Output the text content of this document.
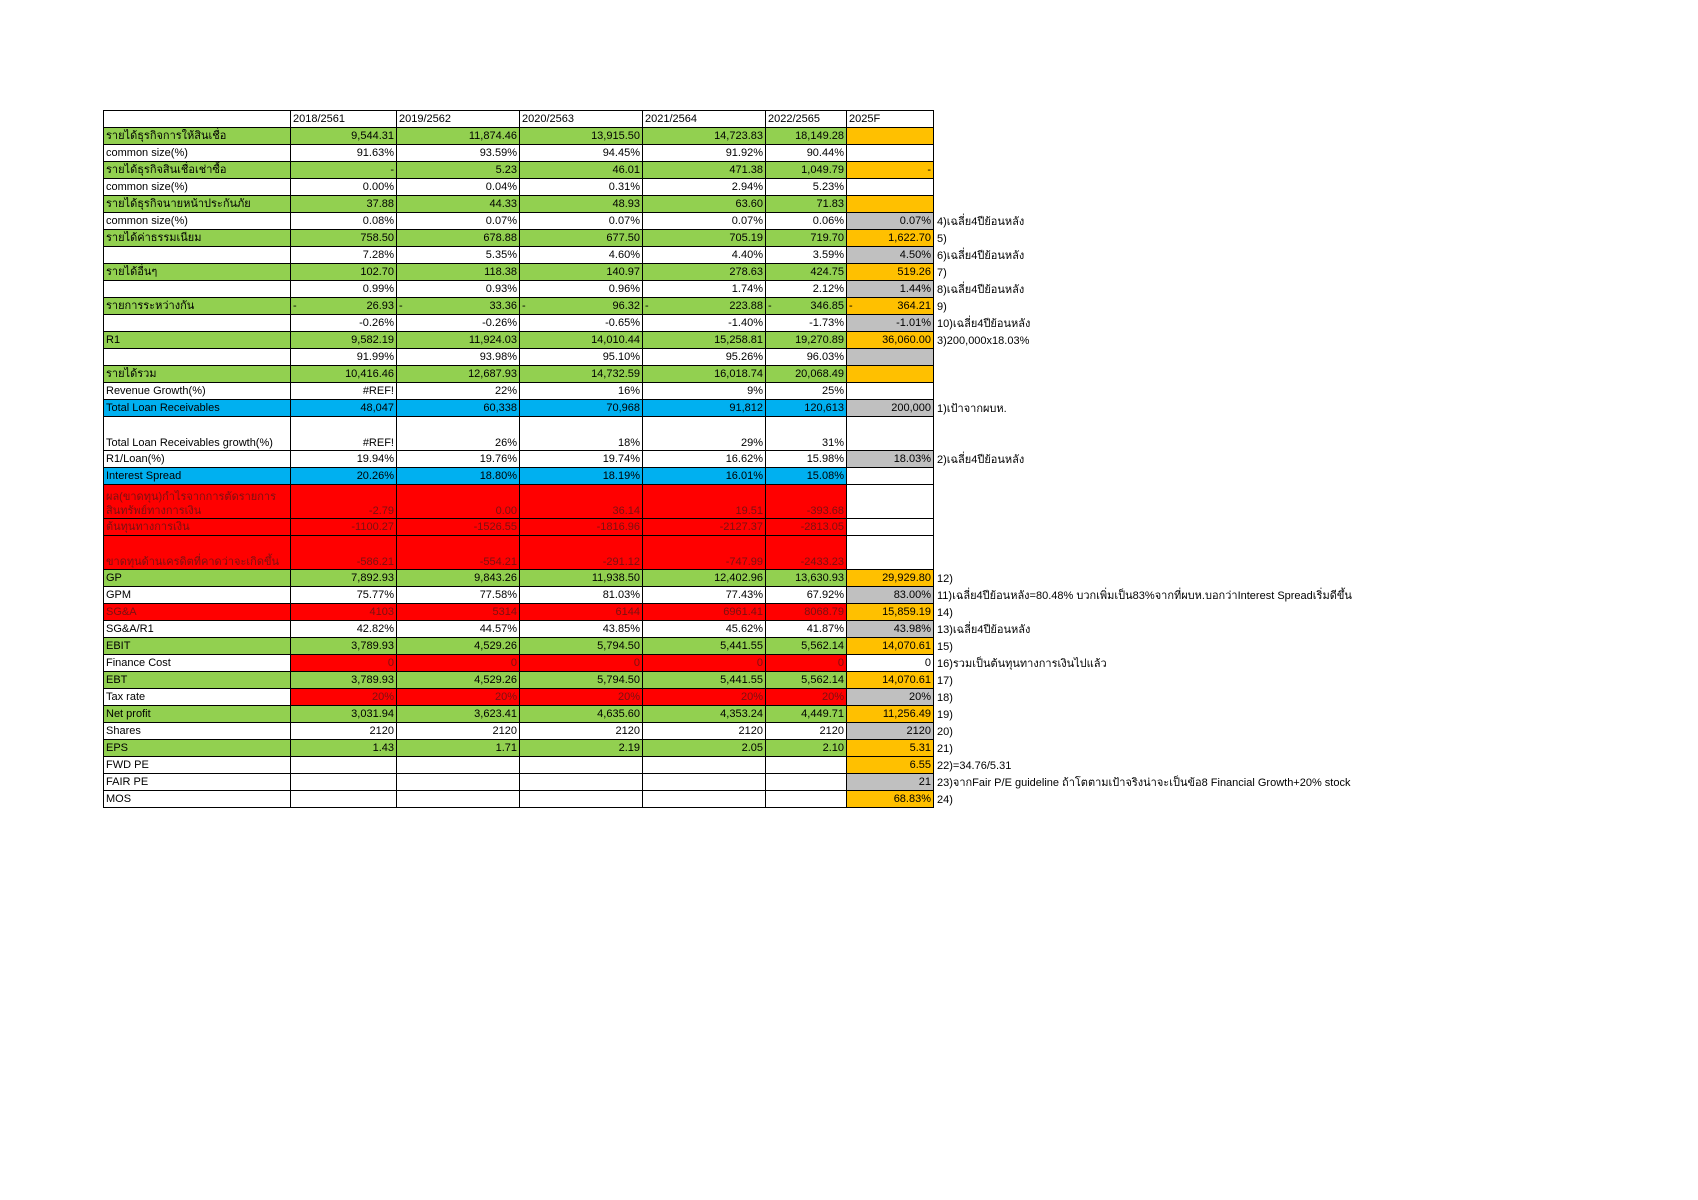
	2018/2561	2019/2562	2020/2563	2021/2564	2022/2565	2025F	
รายได้ธุรกิจการให้สินเชื่อ	9,544.31	11,874.46	13,915.50	14,723.83	18,149.28		
common size(%)	91.63%	93.59%	94.45%	91.92%	90.44%		
รายได้ธุรกิจสินเชื่อเช่าซื้อ	-	5.23	46.01	471.38	1,049.79	-	
common size(%)	0.00%	0.04%	0.31%	2.94%	5.23%		
รายได้ธุรกิจนายหน้าประกันภัย	37.88	44.33	48.93	63.60	71.83		
common size(%)	0.08%	0.07%	0.07%	0.07%	0.06%	0.07%	4)เฉลี่ย4ปีย้อนหลัง
รายได้ค่าธรรมเนียม	758.50	678.88	677.50	705.19	719.70	1,622.70	5)
	7.28%	5.35%	4.60%	4.40%	3.59%	4.50%	6)เฉลี่ย4ปีย้อนหลัง
รายได้อื่นๆ	102.70	118.38	140.97	278.63	424.75	519.26	7)
	0.99%	0.93%	0.96%	1.74%	2.12%	1.44%	8)เฉลี่ย4ปีย้อนหลัง
รายการระหว่างกัน	- 26.93	- 33.36	- 96.32	- 223.88	- 346.85	- 364.21	9)
	-0.26%	-0.26%	-0.65%	-1.40%	-1.73%	-1.01%	10)เฉลี่ย4ปีย้อนหลัง
R1	9,582.19	11,924.03	14,010.44	15,258.81	19,270.89	36,060.00	3)200,000x18.03%
	91.99%	93.98%	95.10%	95.26%	96.03%		
รายได้รวม	10,416.46	12,687.93	14,732.59	16,018.74	20,068.49		
Revenue Growth(%)	#REF!	22%	16%	9%	25%		
Total Loan Receivables	48,047	60,338	70,968	91,812	120,613	200,000	1)เป้าจากผบห.
Total Loan Receivables growth(%)	#REF!	26%	18%	29%	31%		
R1/Loan(%)	19.94%	19.76%	19.74%	16.62%	15.98%	18.03%	2)เฉลี่ย4ปีย้อนหลัง
Interest Spread	20.26%	18.80%	18.19%	16.01%	15.08%		
ผล(ขาดทุน)กำไรจากการตัดรายการสินทรัพย์ทางการเงิน	-2.79	0.00	36.14	19.51	-393.68		
ต้นทุนทางการเงิน	-1100.27	-1526.55	-1816.96	-2127.37	-2813.05		
ขาดทุนด้านเครดิตที่คาดว่าจะเกิดขึ้น	-586.21	-554.21	-291.12	-747.99	-2433.23		
GP	7,892.93	9,843.26	11,938.50	12,402.96	13,630.93	29,929.80	12)
GPM	75.77%	77.58%	81.03%	77.43%	67.92%	83.00%	11)เฉลี่ย4ปีย้อนหลัง=80.48% บวกเพิ่มเป็น83%จากที่ผบห.บอกว่าInterest Spreadเริ่มดีขึ้น
SG&A	4103	5314	6144	6961.41	8068.79	15,859.19	14)
SG&A/R1	42.82%	44.57%	43.85%	45.62%	41.87%	43.98%	13)เฉลี่ย4ปีย้อนหลัง
EBIT	3,789.93	4,529.26	5,794.50	5,441.55	5,562.14	14,070.61	15)
Finance Cost	0	0	0	0	0	0	16)รวมเป็นต้นทุนทางการเงินไปแล้ว
EBT	3,789.93	4,529.26	5,794.50	5,441.55	5,562.14	14,070.61	17)
Tax rate	20%	20%	20%	20%	20%	20%	18)
Net profit	3,031.94	3,623.41	4,635.60	4,353.24	4,449.71	11,256.49	19)
Shares	2120	2120	2120	2120	2120	2120	20)
EPS	1.43	1.71	2.19	2.05	2.10	5.31	21)
FWD PE						6.55	22)=34.76/5.31
FAIR PE						21	23)จากFair P/E guideline ถ้าโตตามเป้าจริงน่าจะเป็นข้อ8 Financial Growth+20% stock
MOS						68.83%	24)
